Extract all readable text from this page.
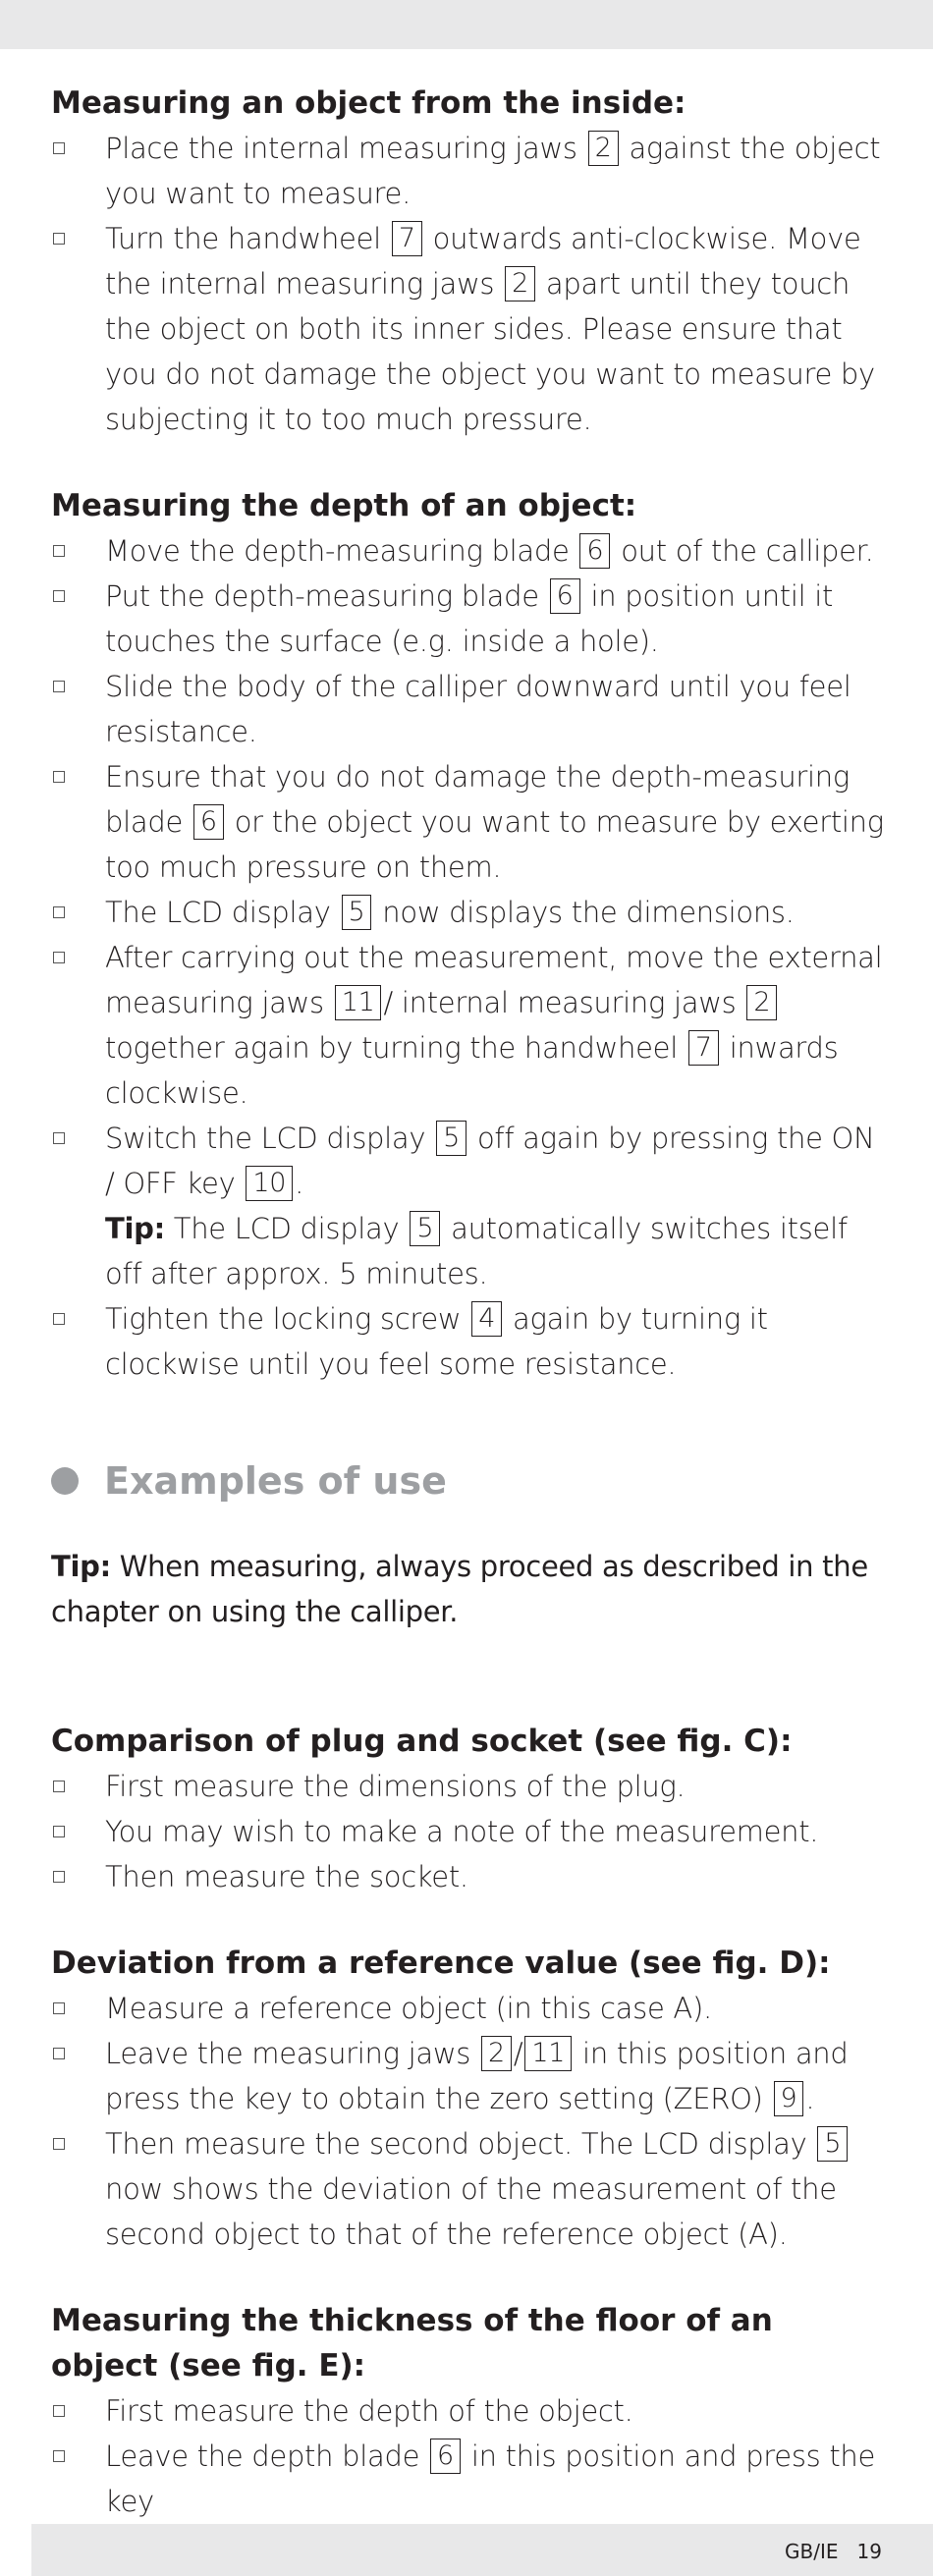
Measuring an object from the inside:
Place the internal measuring jaws 2 against the object you want to measure.
Turn the handwheel 7 outwards anti-clockwise. Move the internal measuring jaws 2 apart until they touch the object on both its inner sides. Please ensure that you do not damage the object you want to measure by subjecting it to too much pressure.
Measuring the depth of an object:
Move the depth-measuring blade 6 out of the calliper.
Put the depth-measuring blade 6 in position until it touches the surface (e.g. inside a hole).
Slide the body of the calliper downward until you feel resistance.
Ensure that you do not damage the depth-measuring blade 6 or the object you want to measure by exerting too much pressure on them.
The LCD display 5 now displays the dimensions.
After carrying out the measurement, move the external measuring jaws 11 / internal measuring jaws 2 together again by turning the handwheel 7 inwards clockwise.
Switch the LCD display 5 off again by pressing the ON / OFF key 10 .
Tip: The LCD display 5 automatically switches itself off after approx. 5 minutes.
Tighten the locking screw 4 again by turning it clockwise until you feel some resistance.
Examples of use

Tip: When measuring, always proceed as described in the chapter on using the calliper.

Comparison of plug and socket (see fig. C):
First measure the dimensions of the plug.
You may wish to make a note of the measurement.
Then measure the socket.
Deviation from a reference value (see fig. D):
Measure a reference object (in this case A).
Leave the measuring jaws 2 / 11 in this position and press the key to obtain the zero setting (ZERO) 9 .
Then measure the second object. The LCD display 5 now shows the deviation of the measurement of the second object to that of the reference object (A).
Measuring the thickness of the floor of an object (see fig. E):
First measure the depth of the object.
Leave the depth blade 6 in this position and press the key
GB/IE   19
